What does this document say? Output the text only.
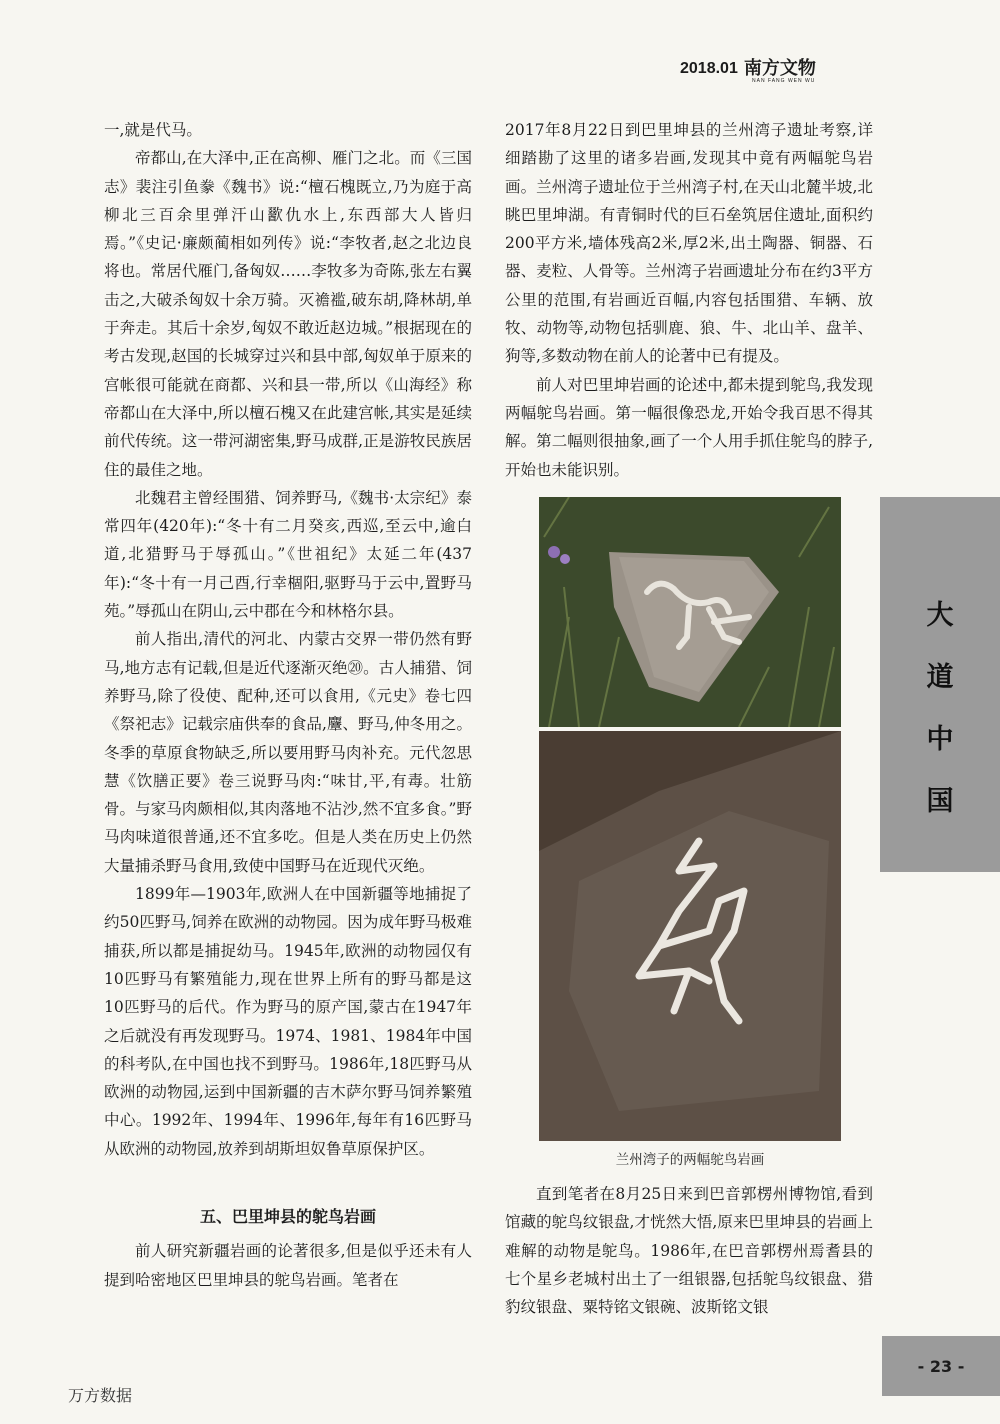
2018.01 南方文物
NAN FANG WEN WU

一,就是代马。

帝都山,在大泽中,正在高柳、雁门之北。而《三国志》裴注引鱼豢《魏书》说:“檀石槐既立,乃为庭于高柳北三百余里弹汗山歠仇水上,东西部大人皆归焉。”《史记·廉颇蔺相如列传》说:“李牧者,赵之北边良将也。常居代雁门,备匈奴……李牧多为奇陈,张左右翼击之,大破杀匈奴十余万骑。灭襜褴,破东胡,降林胡,单于奔走。其后十余岁,匈奴不敢近赵边城。”根据现在的考古发现,赵国的长城穿过兴和县中部,匈奴单于原来的宫帐很可能就在商都、兴和县一带,所以《山海经》称帝都山在大泽中,所以檀石槐又在此建宫帐,其实是延续前代传统。这一带河湖密集,野马成群,正是游牧民族居住的最佳之地。

北魏君主曾经围猎、饲养野马,《魏书·太宗纪》泰常四年(420年):“冬十有二月癸亥,西巡,至云中,逾白道,北猎野马于辱孤山。”《世祖纪》太延二年(437年):“冬十有一月己酉,行幸棝阳,驱野马于云中,置野马苑。”辱孤山在阴山,云中郡在今和林格尔县。

前人指出,清代的河北、内蒙古交界一带仍然有野马,地方志有记载,但是近代逐渐灭绝⑳。古人捕猎、饲养野马,除了役使、配种,还可以食用,《元史》卷七四《祭祀志》记载宗庙供奉的食品,麞、野马,仲冬用之。冬季的草原食物缺乏,所以要用野马肉补充。元代忽思慧《饮膳正要》卷三说野马肉:“味甘,平,有毒。壮筋骨。与家马肉颇相似,其肉落地不沾沙,然不宜多食。”野马肉味道很普通,还不宜多吃。但是人类在历史上仍然大量捕杀野马食用,致使中国野马在近现代灭绝。

1899年—1903年,欧洲人在中国新疆等地捕捉了约50匹野马,饲养在欧洲的动物园。因为成年野马极难捕获,所以都是捕捉幼马。1945年,欧洲的动物园仅有10匹野马有繁殖能力,现在世界上所有的野马都是这10匹野马的后代。作为野马的原产国,蒙古在1947年之后就没有再发现野马。1974、1981、1984年中国的科考队,在中国也找不到野马。1986年,18匹野马从欧洲的动物园,运到中国新疆的吉木萨尔野马饲养繁殖中心。1992年、1994年、1996年,每年有16匹野马从欧洲的动物园,放养到胡斯坦奴鲁草原保护区。

五、巴里坤县的鸵鸟岩画

前人研究新疆岩画的论著很多,但是似乎还未有人提到哈密地区巴里坤县的鸵鸟岩画。笔者在

2017年8月22日到巴里坤县的兰州湾子遗址考察,详细踏勘了这里的诸多岩画,发现其中竟有两幅鸵鸟岩画。兰州湾子遗址位于兰州湾子村,在天山北麓半坡,北眺巴里坤湖。有青铜时代的巨石垒筑居住遗址,面积约200平方米,墙体残高2米,厚2米,出土陶器、铜器、石器、麦粒、人骨等。兰州湾子岩画遗址分布在约3平方公里的范围,有岩画近百幅,内容包括围猎、车辆、放牧、动物等,动物包括驯鹿、狼、牛、北山羊、盘羊、狗等,多数动物在前人的论著中已有提及。

前人对巴里坤岩画的论述中,都未提到鸵鸟,我发现两幅鸵鸟岩画。第一幅很像恐龙,开始令我百思不得其解。第二幅则很抽象,画了一个人用手抓住鸵鸟的脖子,开始也未能识别。

兰州湾子的两幅鸵鸟岩画

直到笔者在8月25日来到巴音郭楞州博物馆,看到馆藏的鸵鸟纹银盘,才恍然大悟,原来巴里坤县的岩画上难解的动物是鸵鸟。1986年,在巴音郭楞州焉耆县的七个星乡老城村出土了一组银器,包括鸵鸟纹银盘、猎豹纹银盘、粟特铭文银碗、波斯铭文银

大
道
中
国
- 23 -
万方数据
